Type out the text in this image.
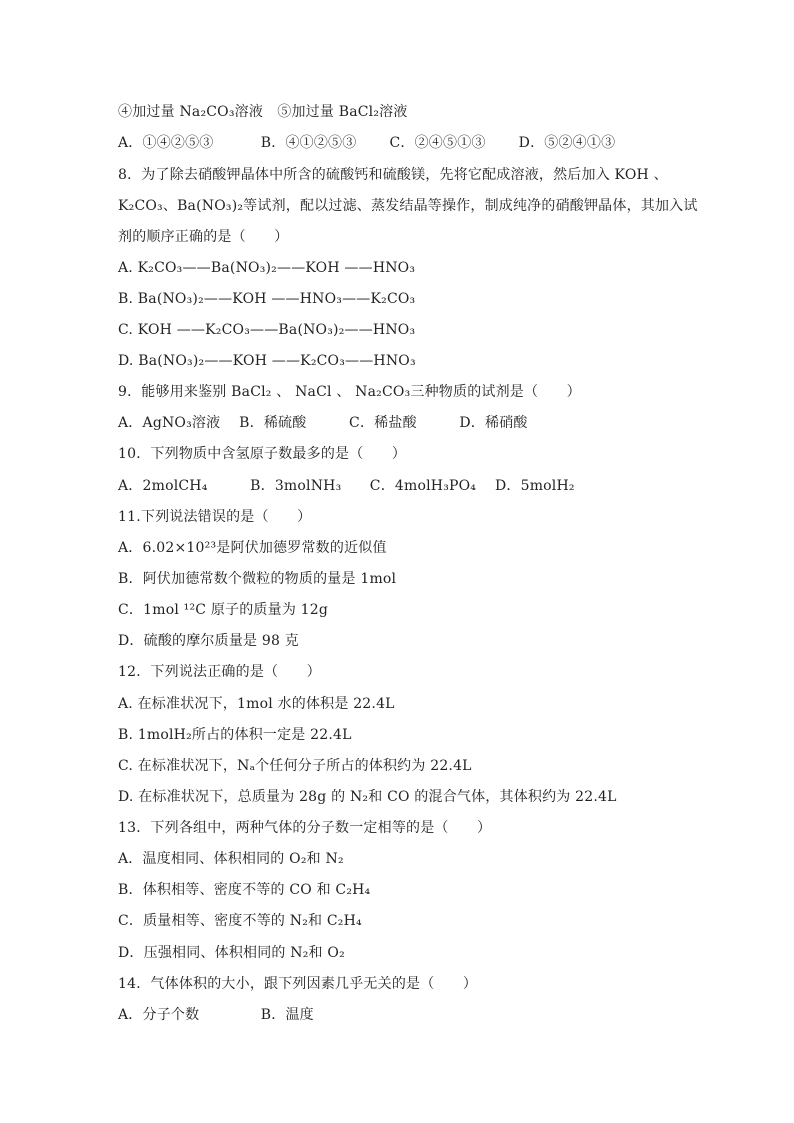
④加过量 Na₂CO₃溶液　⑤加过量 BaCl₂溶液
A．①④②⑤③　　　 B．④①②⑤③　　 C．②④⑤①③　　 D．⑤②④①③
8．为了除去硝酸钾晶体中所含的硫酸钙和硫酸镁，先将它配成溶液，然后加入 KOH 、
K₂CO₃、Ba(NO₃)₂等试剂，配以过滤、蒸发结晶等操作，制成纯净的硝酸钾晶体，其加入试
剂的顺序正确的是（　　）
A. K₂CO₃——Ba(NO₃)₂——KOH ——HNO₃
B. Ba(NO₃)₂——KOH ——HNO₃——K₂CO₃
C. KOH ——K₂CO₃——Ba(NO₃)₂——HNO₃
D. Ba(NO₃)₂——KOH ——K₂CO₃——HNO₃
9．能够用来鉴别 BaCl₂ 、 NaCl 、 Na₂CO₃三种物质的试剂是（　　）
A．AgNO₃溶液　 B．稀硫酸　　　C．稀盐酸　　　D．稀硝酸
10．下列物质中含氢原子数最多的是（　　）
A．2molCH₄　　　B．3molNH₃　　C．4molH₃PO₄　 D．5molH₂
11.下列说法错误的是（　　）
A．6.02×10²³是阿伏加德罗常数的近似值
B．阿伏加德常数个微粒的物质的量是 1mol
C．1mol ¹²C 原子的质量为 12g
D．硫酸的摩尔质量是 98 克
12．下列说法正确的是（　　）
A. 在标准状况下，1mol 水的体积是 22.4L
B. 1molH₂所占的体积一定是 22.4L
C. 在标准状况下，Nₐ个任何分子所占的体积约为 22.4L
D. 在标准状况下，总质量为 28g 的 N₂和 CO 的混合气体，其体积约为 22.4L
13．下列各组中，两种气体的分子数一定相等的是（　　）
A．温度相同、体积相同的 O₂和 N₂
B．体积相等、密度不等的 CO 和 C₂H₄
C．质量相等、密度不等的 N₂和 C₂H₄
D．压强相同、体积相同的 N₂和 O₂
14．气体体积的大小，跟下列因素几乎无关的是（　　）
A．分子个数　　　　 B．温度
